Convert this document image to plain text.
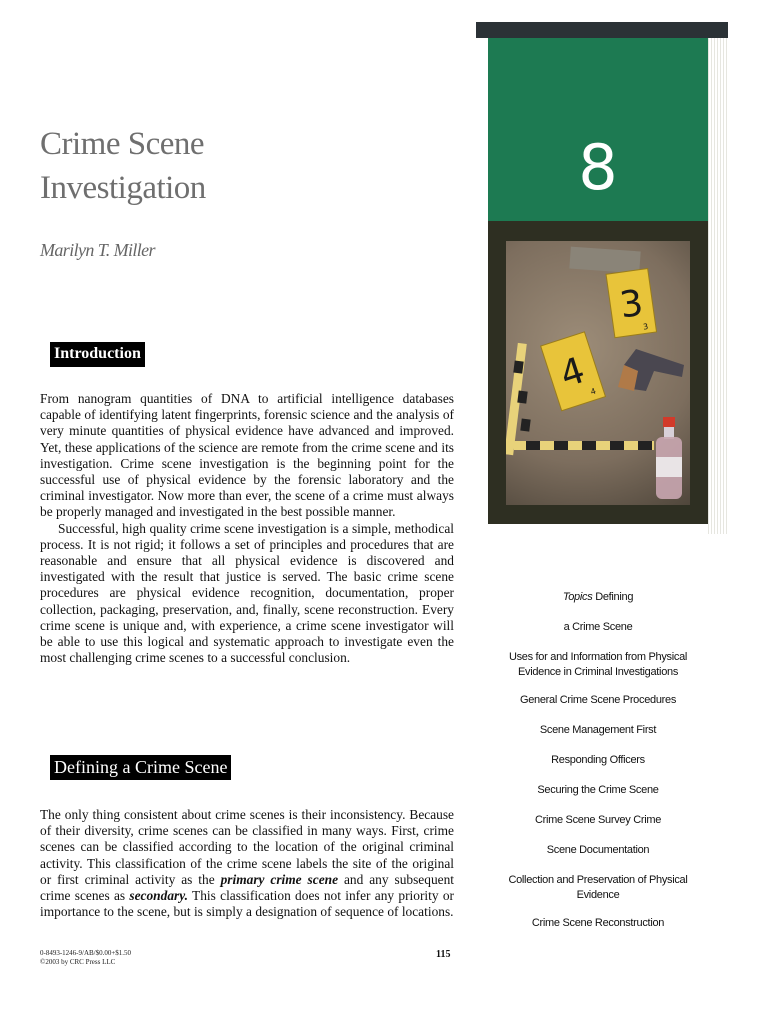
Crime Scene
Investigation
Marilyn T. Miller
Introduction

From nanogram quantities of DNA to artificial intelligence databases capable of identifying latent fingerprints, forensic science and the analysis of very minute quantities of physical evidence have advanced and improved. Yet, these applications of the science are remote from the crime scene and its investigation. Crime scene investigation is the beginning point for the successful use of physical evidence by the forensic laboratory and the criminal investigator. Now more than ever, the scene of a crime must always be properly managed and investigated in the best possible manner.

Successful, high quality crime scene investigation is a simple, methodical process. It is not rigid; it follows a set of principles and procedures that are reasonable and ensure that all physical evidence is discovered and investigated with the result that justice is served. The basic crime scene procedures are physical evidence recognition, documentation, proper collection, packaging, preservation, and, finally, scene reconstruction. Every crime scene is unique and, with experience, a crime scene investigator will be able to use this logical and systematic approach to investigate even the most challenging crime scenes to a successful conclusion.

Defining a Crime Scene

The only thing consistent about crime scenes is their inconsistency. Because of their diversity, crime scenes can be classified in many ways. First, crime scenes can be classified according to the location of the original criminal activity. This classification of the crime scene labels the site of the original or first criminal activity as the primary crime scene and any subsequent crime scenes as secondary. This classification does not infer any priority or importance to the scene, but is simply a designation of sequence of locations.

0-8493-1246-9/AB/$0.00+$1.50
©2003 by CRC Press LLC
115
8
3
3
4 4
Topics Defining
a Crime Scene
Uses for and Information from Physical
Evidence in Criminal Investigations
General Crime Scene Procedures
Scene Management First
Responding Officers
Securing the Crime Scene
Crime Scene Survey Crime
Scene Documentation
Collection and Preservation of Physical
Evidence
Crime Scene Reconstruction
